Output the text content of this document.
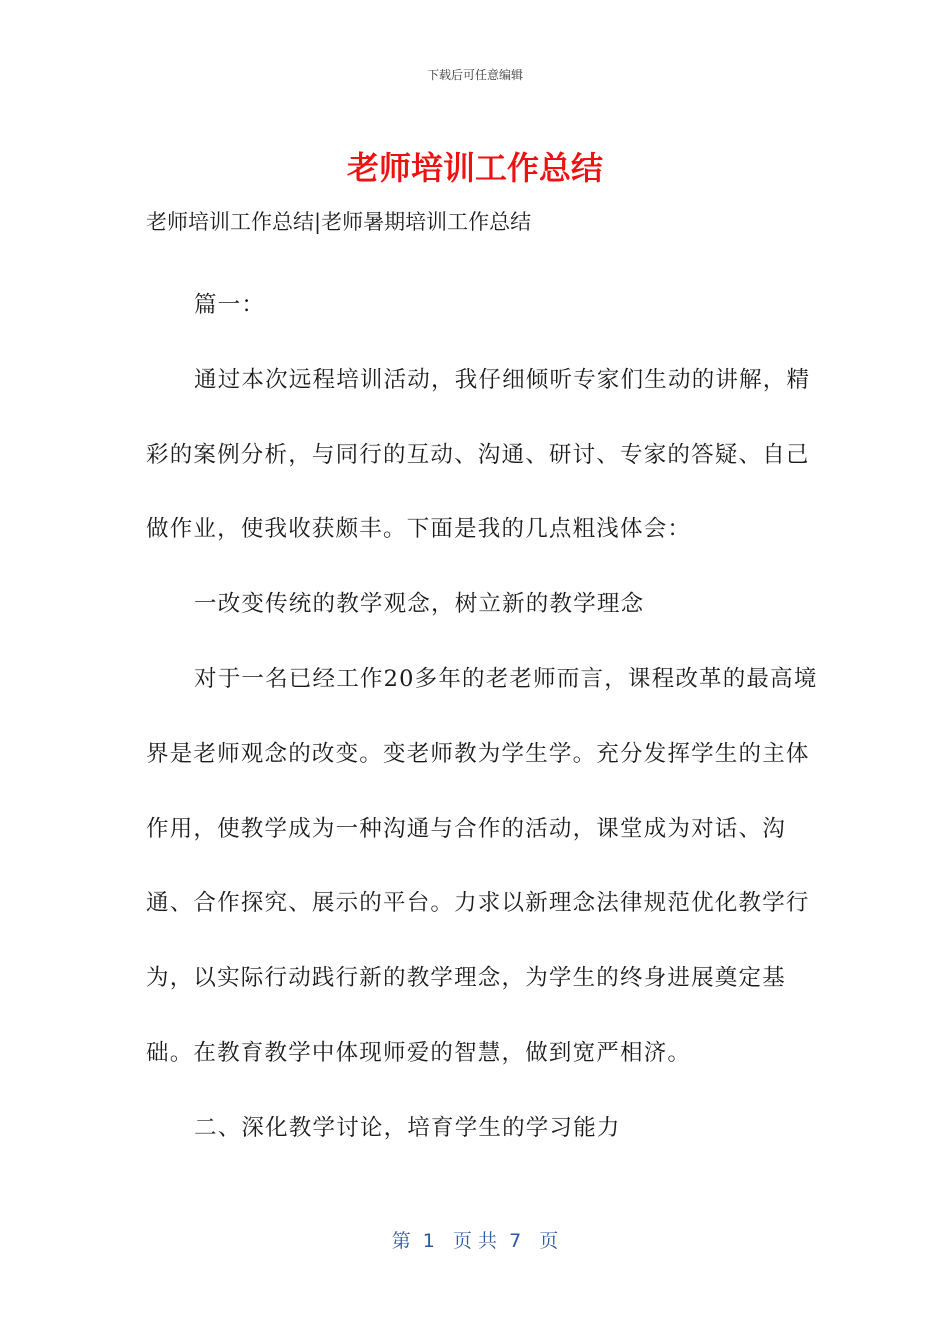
下载后可任意编辑
老师培训工作总结
老师培训工作总结|老师暑期培训工作总结

篇一：

通过本次远程培训活动，我仔细倾听专家们生动的讲解，精彩的案例分析，与同行的互动、沟通、研讨、专家的答疑、自己做作业，使我收获颇丰。下面是我的几点粗浅体会：

一改变传统的教学观念，树立新的教学理念

对于一名已经工作20多年的老老师而言，课程改革的最高境界是老师观念的改变。变老师教为学生学。充分发挥学生的主体作用，使教学成为一种沟通与合作的活动，课堂成为对话、沟通、合作探究、展示的平台。力求以新理念法律规范优化教学行为，以实际行动践行新的教学理念，为学生的终身进展奠定基础。在教育教学中体现师爱的智慧，做到宽严相济。

二、深化教学讨论，培育学生的学习能力

第  1   页 共  7   页
